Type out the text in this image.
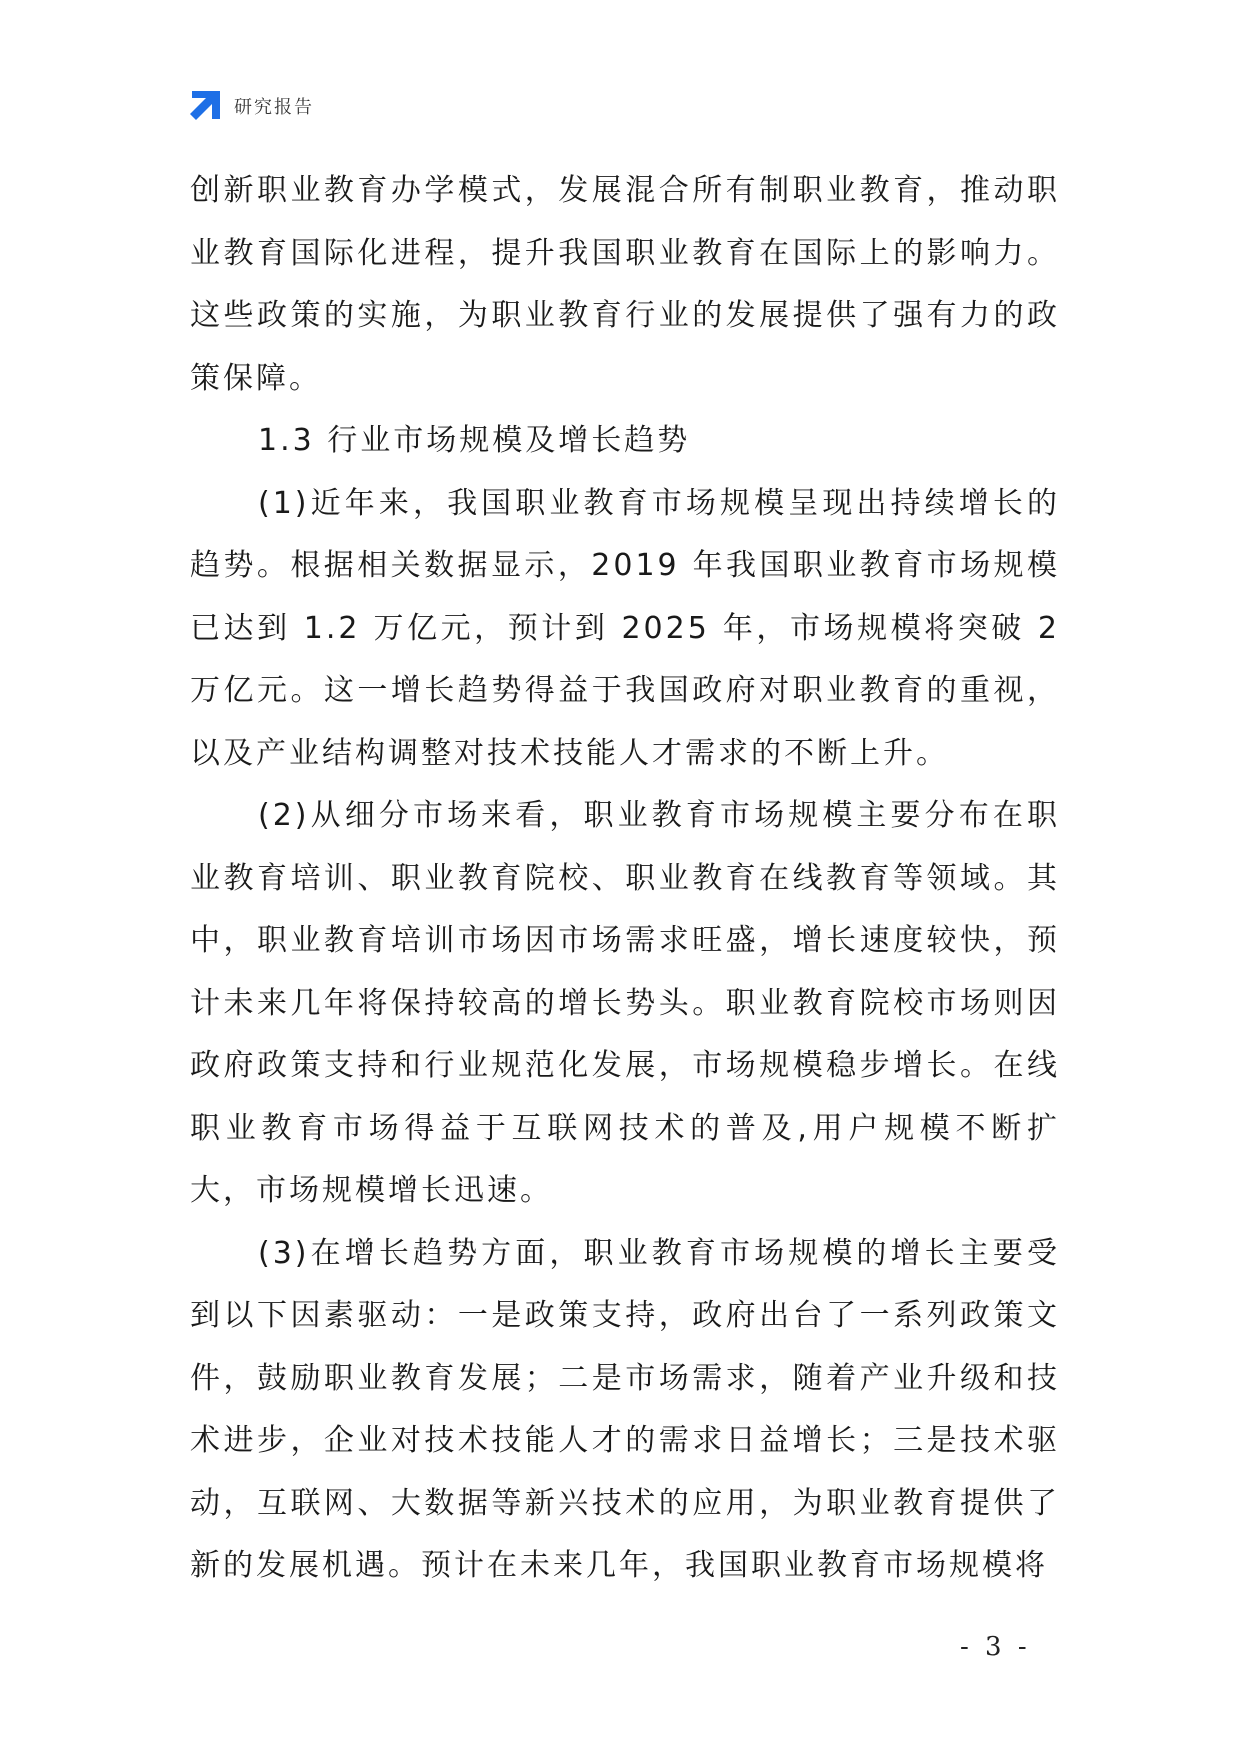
研究报告

创新职业教育办学模式，发展混合所有制职业教育，推动职业教育国际化进程，提升我国职业教育在国际上的影响力。这些政策的实施，为职业教育行业的发展提供了强有力的政策保障。

1.3 行业市场规模及增长趋势

(1)近年来，我国职业教育市场规模呈现出持续增长的趋势。根据相关数据显示，2019 年我国职业教育市场规模已达到 1.2 万亿元，预计到 2025 年，市场规模将突破 2 万亿元。这一增长趋势得益于我国政府对职业教育的重视，以及产业结构调整对技术技能人才需求的不断上升。

(2)从细分市场来看，职业教育市场规模主要分布在职业教育培训、职业教育院校、职业教育在线教育等领域。其中，职业教育培训市场因市场需求旺盛，增长速度较快，预计未来几年将保持较高的增长势头。职业教育院校市场则因政府政策支持和行业规范化发展，市场规模稳步增长。在线职业教育市场得益于互联网技术的普及,用户规模不断扩大，市场规模增长迅速。

(3)在增长趋势方面，职业教育市场规模的增长主要受到以下因素驱动：一是政策支持，政府出台了一系列政策文件，鼓励职业教育发展；二是市场需求，随着产业升级和技术进步，企业对技术技能人才的需求日益增长；三是技术驱动，互联网、大数据等新兴技术的应用，为职业教育提供了新的发展机遇。预计在未来几年，我国职业教育市场规模将

- 3 -
